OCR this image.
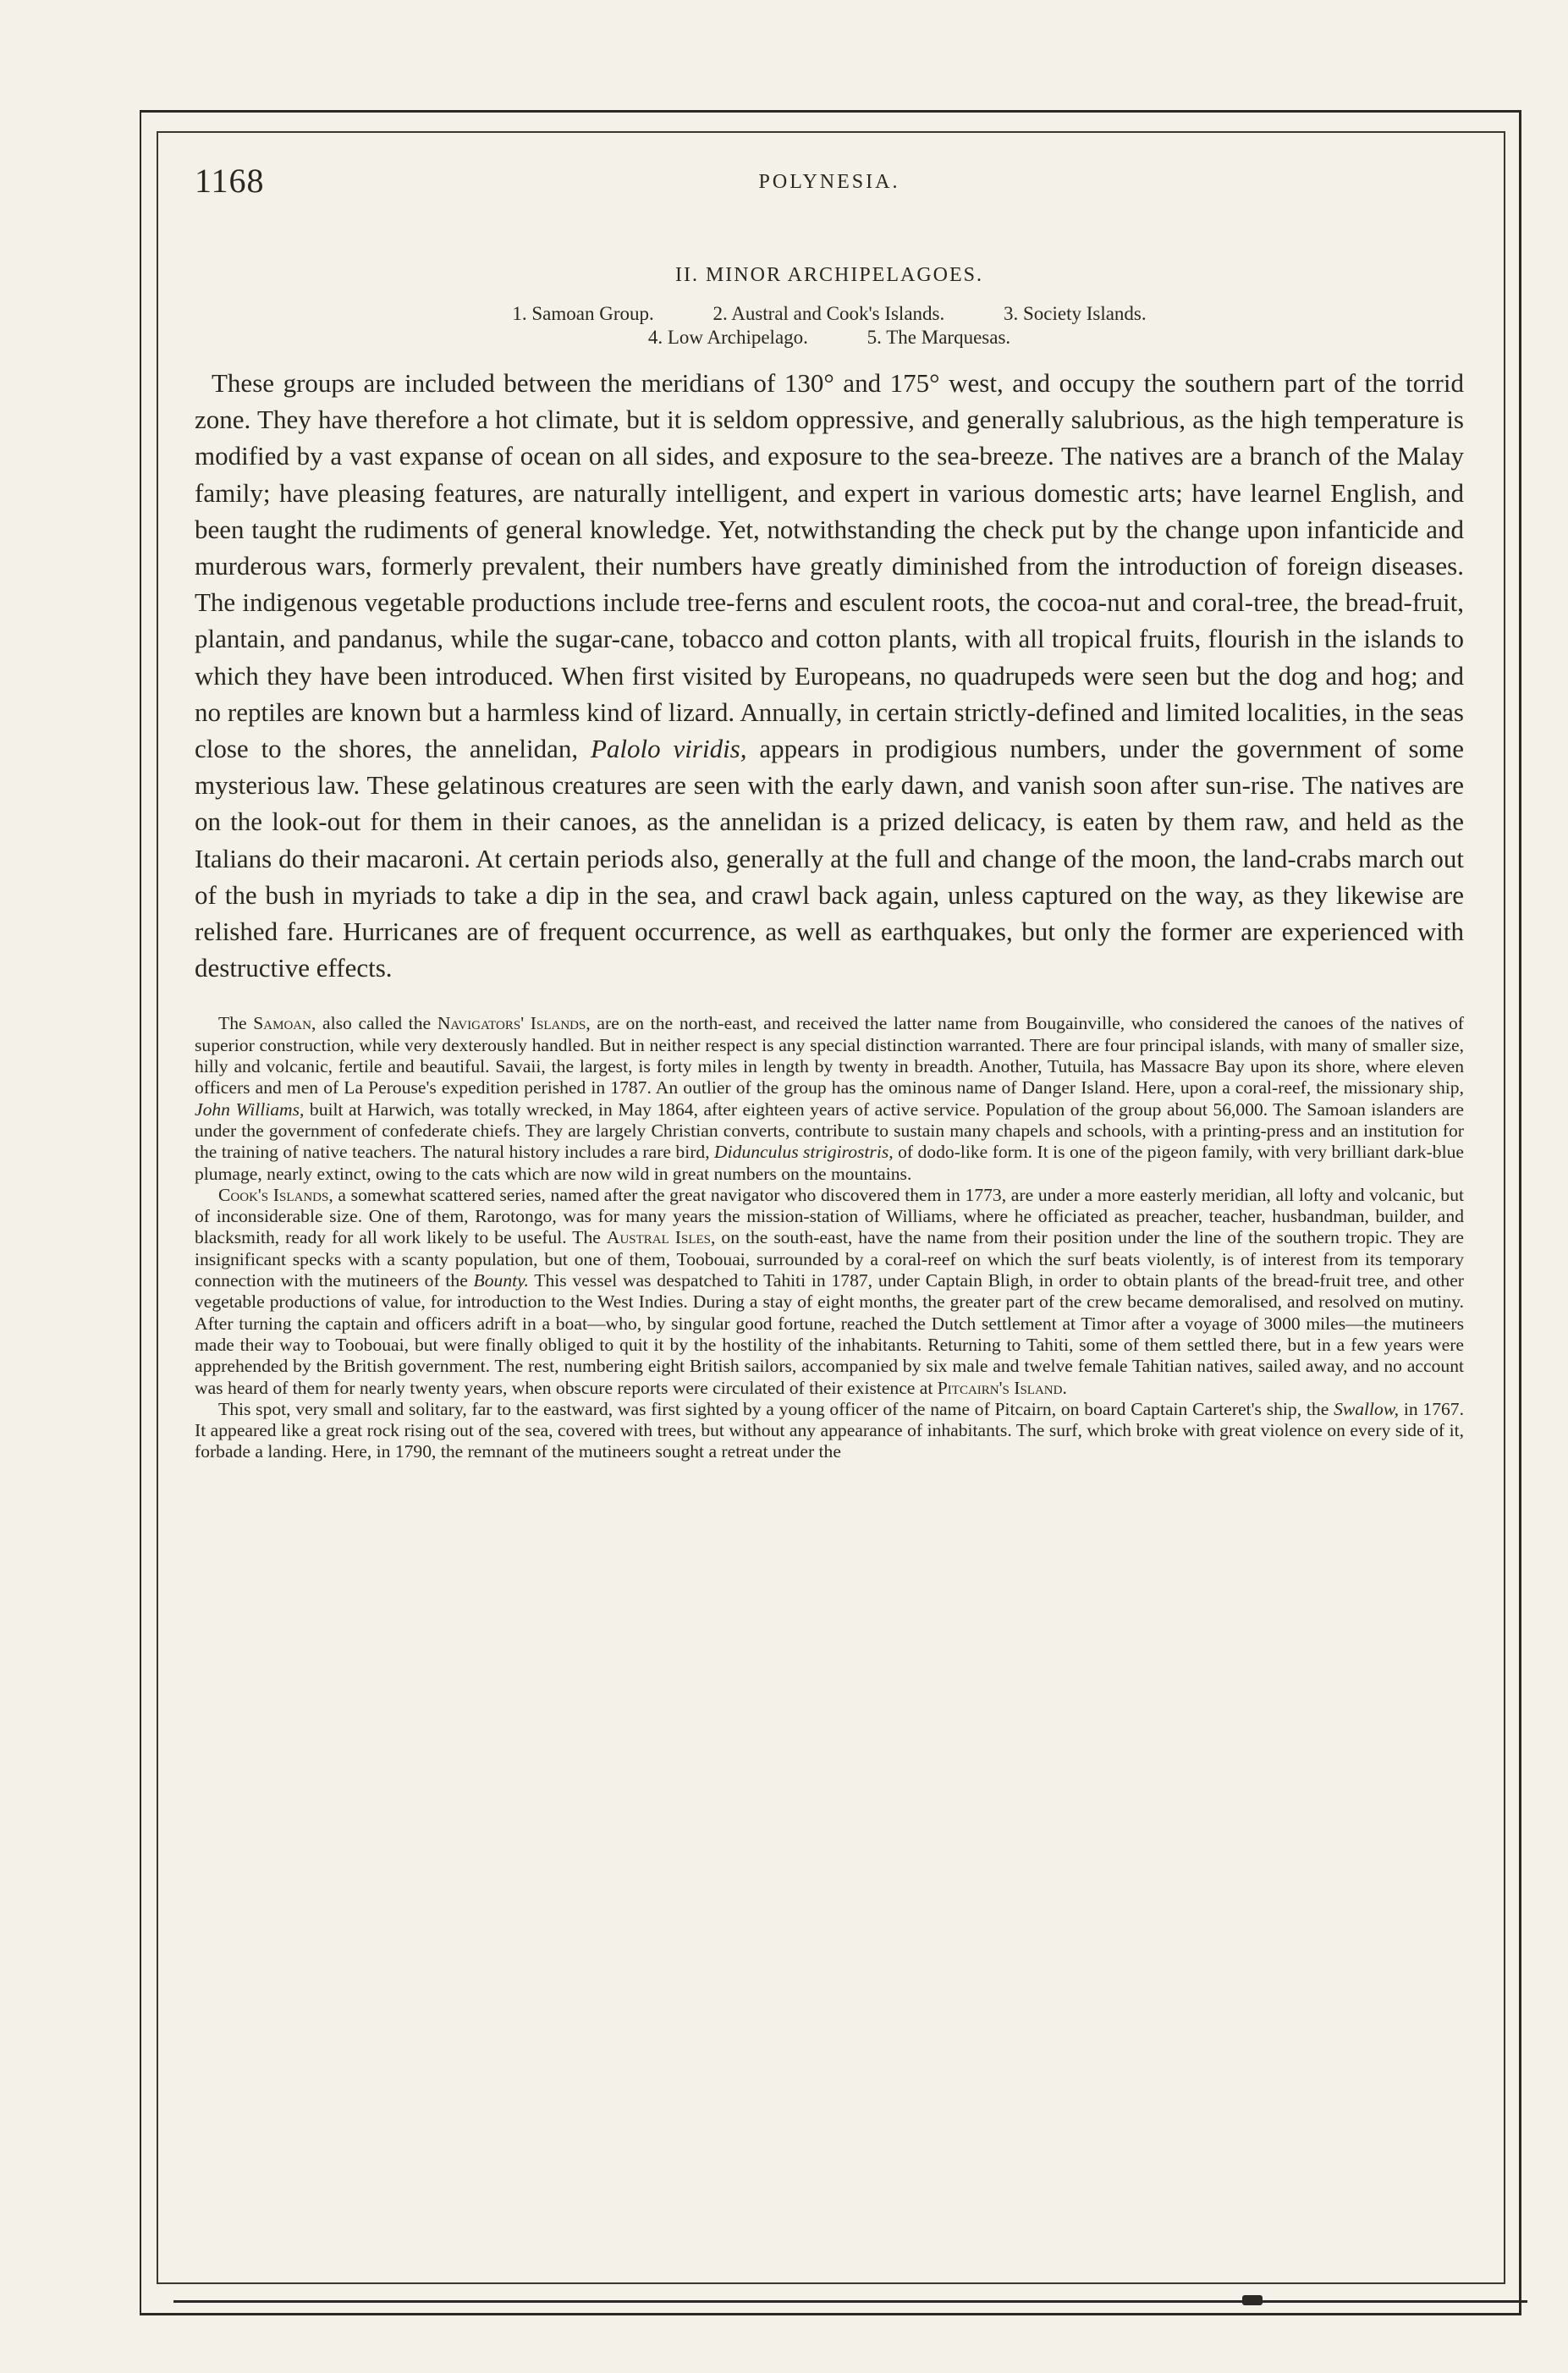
1168	POLYNESIA.
II. MINOR ARCHIPELAGOES.
1. Samoan Group.	2. Austral and Cook's Islands.	3. Society Islands.
4. Low Archipelago.	5. The Marquesas.

These groups are included between the meridians of 130° and 175° west, and occupy the southern part of the torrid zone. They have therefore a hot climate, but it is seldom oppressive, and generally salubrious, as the high temperature is modified by a vast expanse of ocean on all sides, and exposure to the sea-breeze. The natives are a branch of the Malay family; have pleasing features, are naturally intelligent, and expert in various domestic arts; have learnel English, and been taught the rudiments of general knowledge. Yet, notwithstanding the check put by the change upon infanticide and murderous wars, formerly prevalent, their numbers have greatly diminished from the introduction of foreign diseases. The indigenous vegetable productions include tree-ferns and esculent roots, the cocoa-nut and coral-tree, the bread-fruit, plantain, and pandanus, while the sugar-cane, tobacco and cotton plants, with all tropical fruits, flourish in the islands to which they have been introduced. When first visited by Europeans, no quadrupeds were seen but the dog and hog; and no reptiles are known but a harmless kind of lizard. Annually, in certain strictly-defined and limited localities, in the seas close to the shores, the annelidan, Palolo viridis, appears in prodigious numbers, under the government of some mysterious law. These gelatinous creatures are seen with the early dawn, and vanish soon after sun-rise. The natives are on the look-out for them in their canoes, as the annelidan is a prized delicacy, is eaten by them raw, and held as the Italians do their macaroni. At certain periods also, generally at the full and change of the moon, the land-crabs march out of the bush in myriads to take a dip in the sea, and crawl back again, unless captured on the way, as they likewise are relished fare. Hurricanes are of frequent occurrence, as well as earthquakes, but only the former are experienced with destructive effects.

The Samoan, also called the Navigators' Islands, are on the north-east, and received the latter name from Bougainville, who considered the canoes of the natives of superior construction, while very dexterously handled. But in neither respect is any special distinction warranted. There are four principal islands, with many of smaller size, hilly and volcanic, fertile and beautiful. Savaii, the largest, is forty miles in length by twenty in breadth. Another, Tutuila, has Massacre Bay upon its shore, where eleven officers and men of La Perouse's expedition perished in 1787. An outlier of the group has the ominous name of Danger Island. Here, upon a coral-reef, the missionary ship, John Williams, built at Harwich, was totally wrecked, in May 1864, after eighteen years of active service. Population of the group about 56,000. The Samoan islanders are under the government of confederate chiefs. They are largely Christian converts, contribute to sustain many chapels and schools, with a printing-press and an institution for the training of native teachers. The natural history includes a rare bird, Didunculus strigirostris, of dodo-like form. It is one of the pigeon family, with very brilliant dark-blue plumage, nearly extinct, owing to the cats which are now wild in great numbers on the mountains.

Cook's Islands, a somewhat scattered series, named after the great navigator who discovered them in 1773, are under a more easterly meridian, all lofty and volcanic, but of inconsiderable size. One of them, Rarotongo, was for many years the mission-station of Williams, where he officiated as preacher, teacher, husbandman, builder, and blacksmith, ready for all work likely to be useful. The Austral Isles, on the south-east, have the name from their position under the line of the southern tropic. They are insignificant specks with a scanty population, but one of them, Toobouai, surrounded by a coral-reef on which the surf beats violently, is of interest from its temporary connection with the mutineers of the Bounty. This vessel was despatched to Tahiti in 1787, under Captain Bligh, in order to obtain plants of the bread-fruit tree, and other vegetable productions of value, for introduction to the West Indies. During a stay of eight months, the greater part of the crew became demoralised, and resolved on mutiny. After turning the captain and officers adrift in a boat—who, by singular good fortune, reached the Dutch settlement at Timor after a voyage of 3000 miles—the mutineers made their way to Toobouai, but were finally obliged to quit it by the hostility of the inhabitants. Returning to Tahiti, some of them settled there, but in a few years were apprehended by the British government. The rest, numbering eight British sailors, accompanied by six male and twelve female Tahitian natives, sailed away, and no account was heard of them for nearly twenty years, when obscure reports were circulated of their existence at Pitcairn's Island.

This spot, very small and solitary, far to the eastward, was first sighted by a young officer of the name of Pitcairn, on board Captain Carteret's ship, the Swallow, in 1767. It appeared like a great rock rising out of the sea, covered with trees, but without any appearance of inhabitants. The surf, which broke with great violence on every side of it, forbade a landing. Here, in 1790, the remnant of the mutineers sought a retreat under the
